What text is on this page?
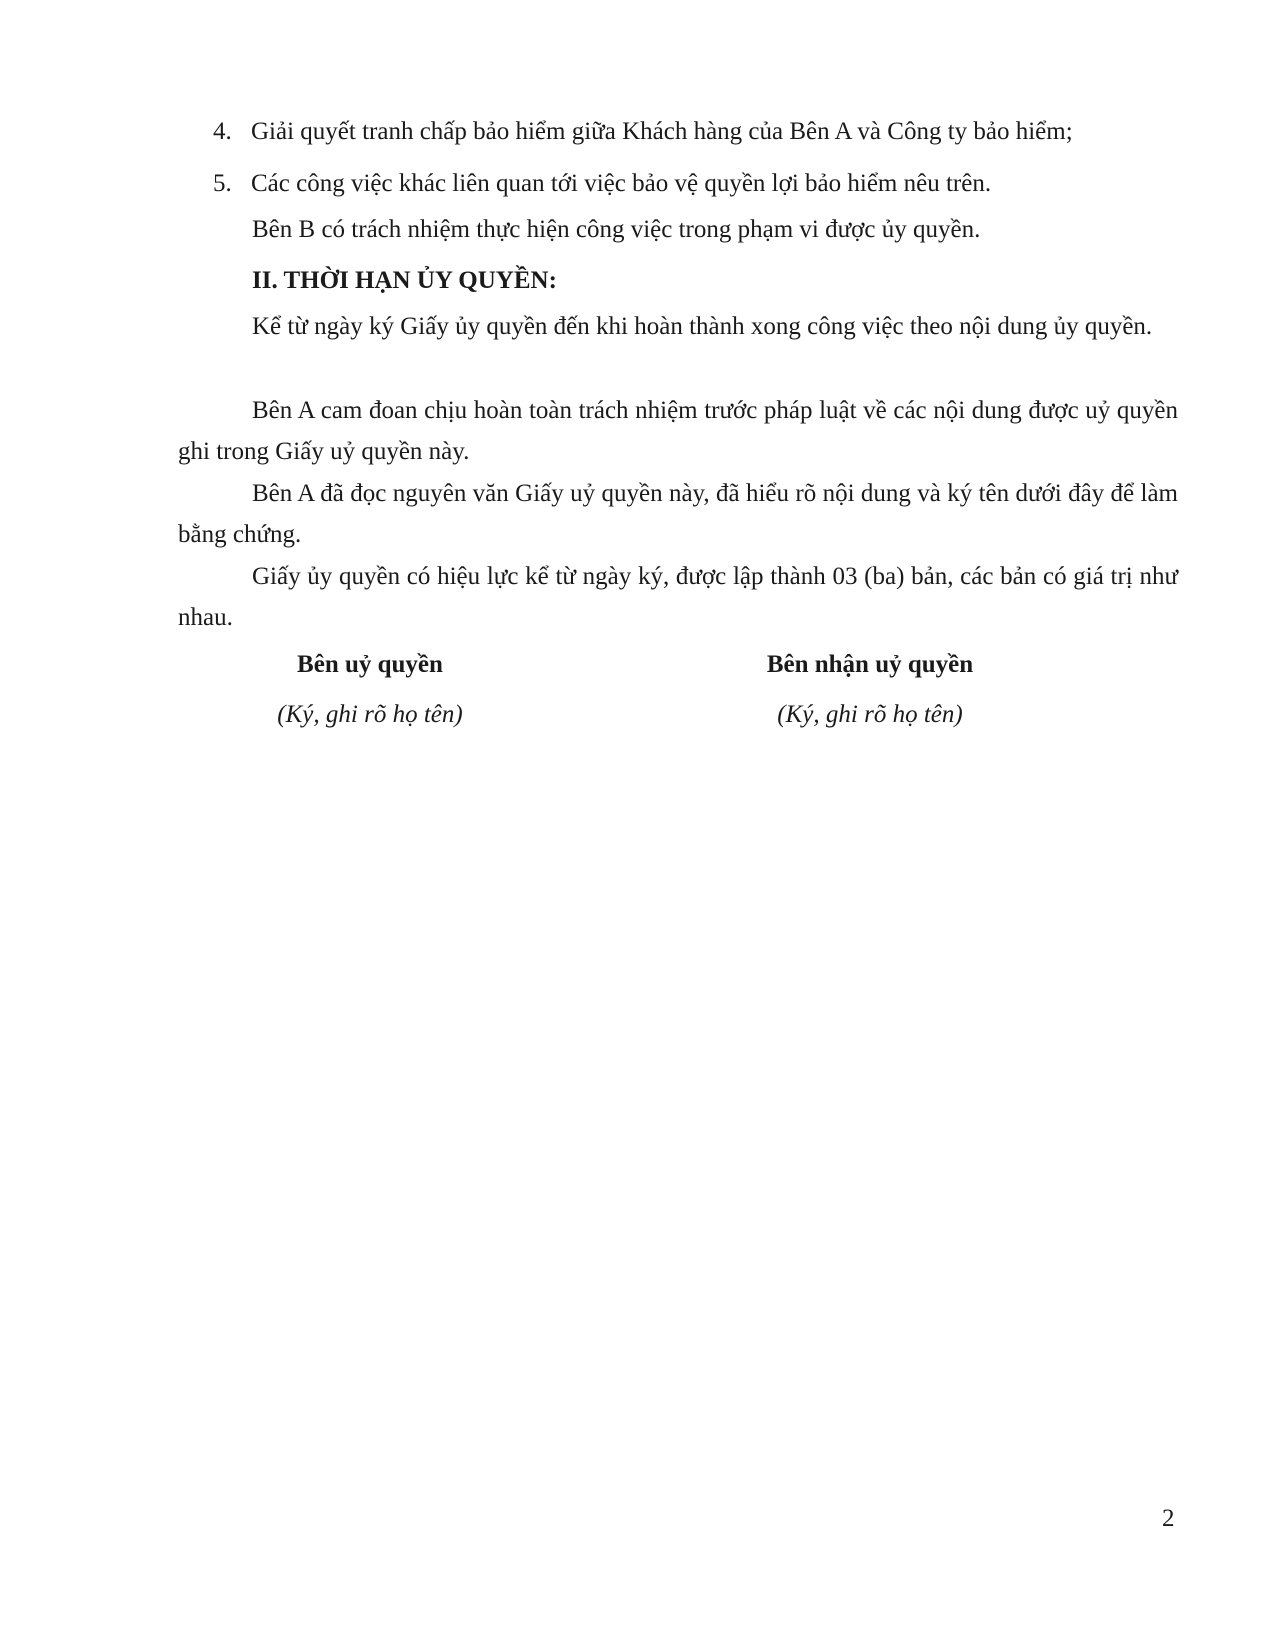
4. Giải quyết tranh chấp bảo hiểm giữa Khách hàng của Bên A và Công ty bảo hiểm;
5. Các công việc khác liên quan tới việc bảo vệ quyền lợi bảo hiểm nêu trên.
Bên B có trách nhiệm thực hiện công việc trong phạm vi được ủy quyền.
II. THỜI HẠN ỦY QUYỀN:
Kể từ ngày ký Giấy ủy quyền đến khi hoàn thành xong công việc theo nội dung ủy quyền.
Bên A cam đoan chịu hoàn toàn trách nhiệm trước pháp luật về các nội dung được uỷ quyền ghi trong Giấy uỷ quyền này.
Bên A đã đọc nguyên văn Giấy uỷ quyền này, đã hiểu rõ nội dung và ký tên dưới đây để làm bằng chứng.
Giấy ủy quyền có hiệu lực kể từ ngày ký, được lập thành 03 (ba) bản, các bản có giá trị như nhau.
Bên uỷ quyền
(Ký, ghi rõ họ tên)
Bên nhận uỷ quyền
(Ký, ghi rõ họ tên)
2
